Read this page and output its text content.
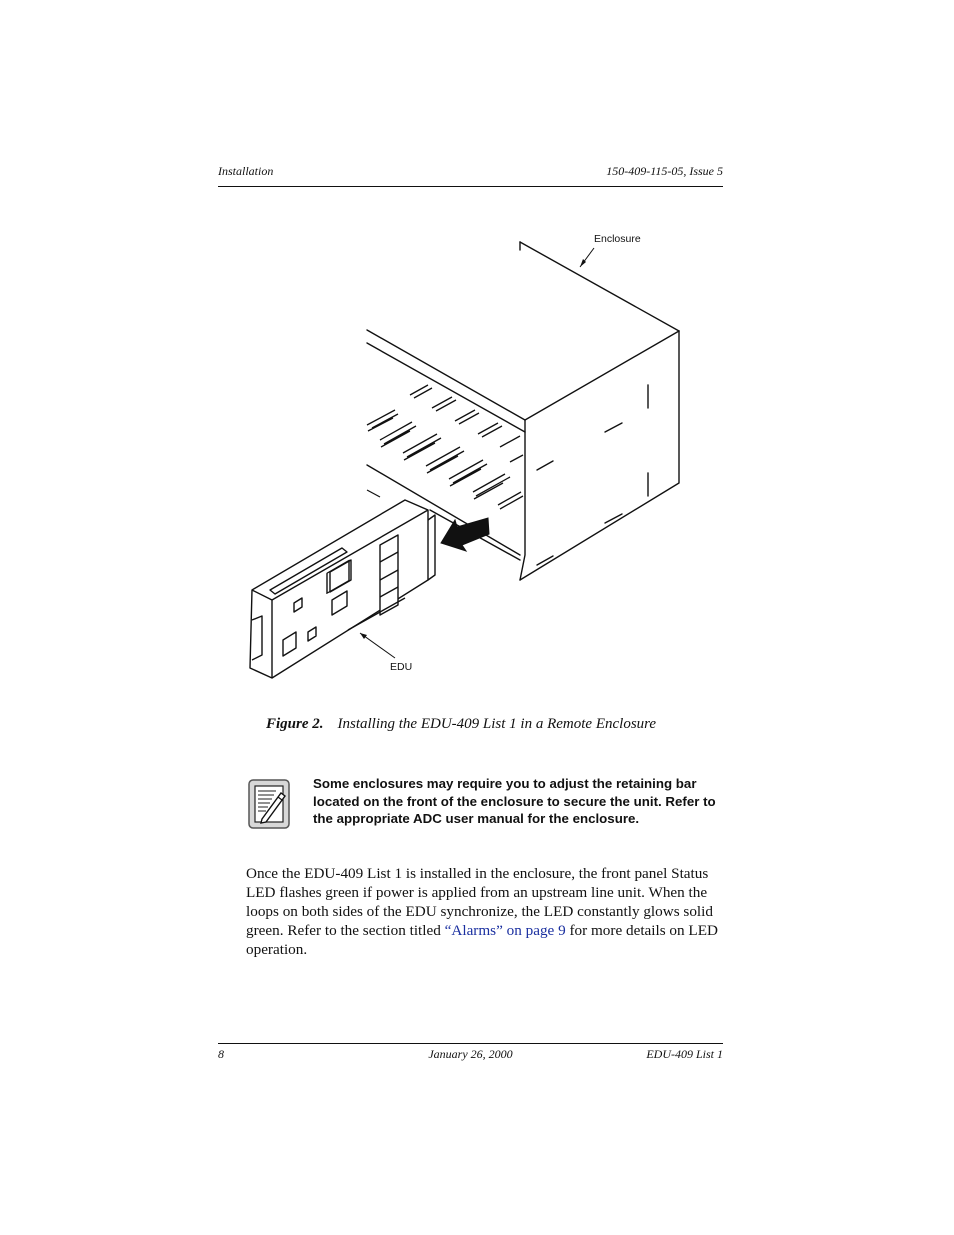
Installation	150-409-115-05, Issue 5
Enclosure
EDU
Figure 2. Installing the EDU-409 List 1 in a Remote Enclosure
Some enclosures may require you to adjust the retaining bar located on the front of the enclosure to secure the unit. Refer to the appropriate ADC user manual for the enclosure.
Once the EDU-409 List 1 is installed in the enclosure, the front panel Status LED flashes green if power is applied from an upstream line unit. When the loops on both sides of the EDU synchronize, the LED constantly glows solid green. Refer to the section titled “Alarms” on page 9 for more details on LED operation.
8	January 26, 2000	EDU-409 List 1
